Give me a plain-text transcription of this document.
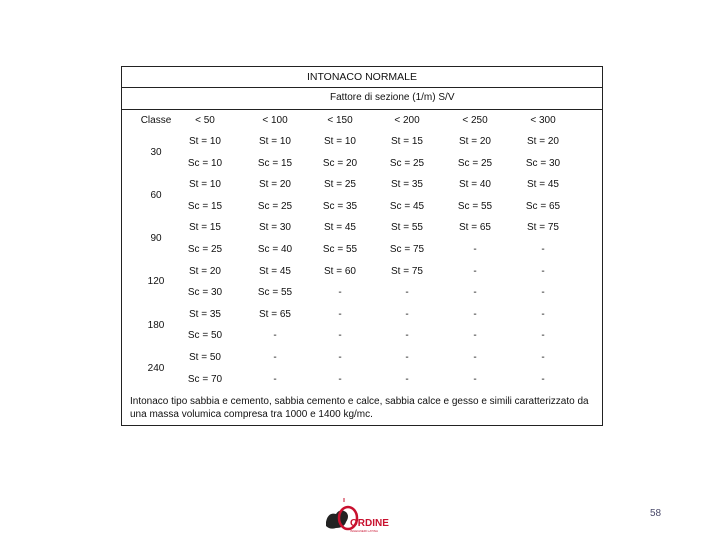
INTONACO NORMALE
Fattore di sezione (1/m) S/V
Classe	< 50	< 100	< 150	< 200	< 250	< 300
30
St = 10	St = 10	St = 10	St = 15	St = 20	St = 20
Sc = 10	Sc = 15	Sc = 20	Sc = 25	Sc = 25	Sc = 30
60
St = 10	St = 20	St = 25	St = 35	St = 40	St = 45
Sc = 15	Sc = 25	Sc = 35	Sc = 45	Sc = 55	Sc = 65
90
St = 15	St = 30	St = 45	St = 55	St = 65	St = 75
Sc = 25	Sc = 40	Sc = 55	Sc = 75	-	-
120
St = 20	St = 45	St = 60	St = 75	-	-
Sc = 30	Sc = 55	-	-	-	-
180
St = 35	St = 65	-	-	-	-
Sc = 50	-	-	-	-	-
240
St = 50	-	-	-	-	-
Sc = 70	-	-	-	-	-
Intonaco tipo sabbia e cemento, sabbia cemento e calce, sabbia calce e gesso e simili caratterizzato da una massa volumica compresa tra 1000 e 1400 kg/mc.
58
ORDINE
INGEGNERI LATINA
